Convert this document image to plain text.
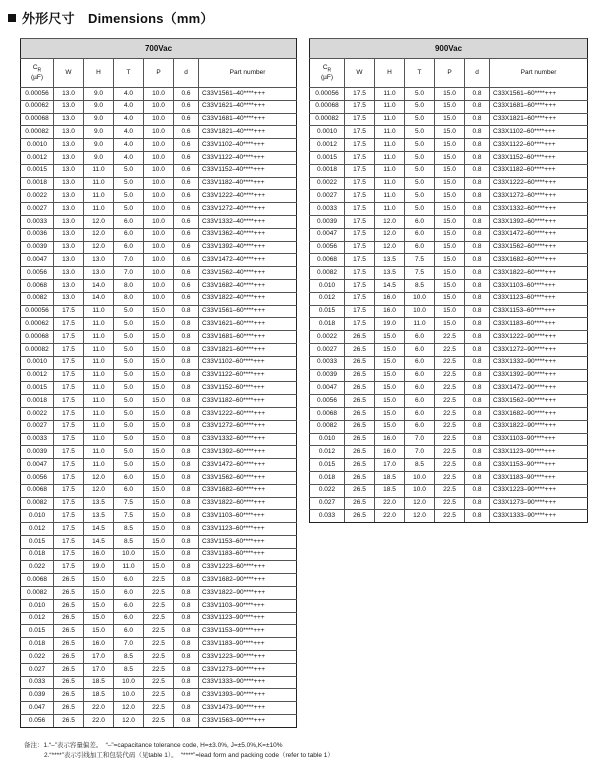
外形尺寸　Dimensions（mm）
700Vac						
$C_R$
(µF)	W	H	T	P	d	Part number
0.00056	13.0	9.0	4.0	10.0	0.6	C33V1561–40****+++
0.00062	13.0	9.0	4.0	10.0	0.6	C33V1621–40****+++
0.00068	13.0	9.0	4.0	10.0	0.6	C33V1681–40****+++
0.00082	13.0	9.0	4.0	10.0	0.6	C33V1821–40****+++
0.0010	13.0	9.0	4.0	10.0	0.6	C33V1102–40****+++
0.0012	13.0	9.0	4.0	10.0	0.6	C33V1122–40****+++
0.0015	13.0	11.0	5.0	10.0	0.6	C33V1152–40****+++
0.0018	13.0	11.0	5.0	10.0	0.6	C33V1182–40****+++
0.0022	13.0	11.0	5.0	10.0	0.6	C33V1222–40****+++
0.0027	13.0	11.0	5.0	10.0	0.6	C33V1272–40****+++
0.0033	13.0	12.0	6.0	10.0	0.6	C33V1332–40****+++
0.0036	13.0	12.0	6.0	10.0	0.6	C33V1362–40****+++
0.0039	13.0	12.0	6.0	10.0	0.6	C33V1392–40****+++
0.0047	13.0	13.0	7.0	10.0	0.6	C33V1472–40****+++
0.0056	13.0	13.0	7.0	10.0	0.6	C33V1562–40****+++
0.0068	13.0	14.0	8.0	10.0	0.6	C33V1682–40****+++
0.0082	13.0	14.0	8.0	10.0	0.6	C33V1822–40****+++
0.00056	17.5	11.0	5.0	15.0	0.8	C33V1561–60****+++
0.00062	17.5	11.0	5.0	15.0	0.8	C33V1621–60****+++
0.00068	17.5	11.0	5.0	15.0	0.8	C33V1681–60****+++
0.00082	17.5	11.0	5.0	15.0	0.8	C33V1821–60****+++
0.0010	17.5	11.0	5.0	15.0	0.8	C33V1102–60****+++
0.0012	17.5	11.0	5.0	15.0	0.8	C33V1122–60****+++
0.0015	17.5	11.0	5.0	15.0	0.8	C33V1152–60****+++
0.0018	17.5	11.0	5.0	15.0	0.8	C33V1182–60****+++
0.0022	17.5	11.0	5.0	15.0	0.8	C33V1222–60****+++
0.0027	17.5	11.0	5.0	15.0	0.8	C33V1272–60****+++
0.0033	17.5	11.0	5.0	15.0	0.8	C33V1332–60****+++
0.0039	17.5	11.0	5.0	15.0	0.8	C33V1392–60****+++
0.0047	17.5	11.0	5.0	15.0	0.8	C33V1472–60****+++
0.0056	17.5	12.0	6.0	15.0	0.8	C33V1562–60****+++
0.0068	17.5	12.0	6.0	15.0	0.8	C33V1682–60****+++
0.0082	17.5	13.5	7.5	15.0	0.8	C33V1822–60****+++
0.010	17.5	13.5	7.5	15.0	0.8	C33V1103–60****+++
0.012	17.5	14.5	8.5	15.0	0.8	C33V1123–60****+++
0.015	17.5	14.5	8.5	15.0	0.8	C33V1153–60****+++
0.018	17.5	16.0	10.0	15.0	0.8	C33V1183–60****+++
0.022	17.5	19.0	11.0	15.0	0.8	C33V1223–60****+++
0.0068	26.5	15.0	6.0	22.5	0.8	C33V1682–90****+++
0.0082	26.5	15.0	6.0	22.5	0.8	C33V1822–90****+++
0.010	26.5	15.0	6.0	22.5	0.8	C33V1103–90****+++
0.012	26.5	15.0	6.0	22.5	0.8	C33V1123–90****+++
0.015	26.5	15.0	6.0	22.5	0.8	C33V1153–90****+++
0.018	26.5	16.0	7.0	22.5	0.8	C33V1183–90****+++
0.022	26.5	17.0	8.5	22.5	0.8	C33V1223–90****+++
0.027	26.5	17.0	8.5	22.5	0.8	C33V1273–90****+++
0.033	26.5	18.5	10.0	22.5	0.8	C33V1333–90****+++
0.039	26.5	18.5	10.0	22.5	0.8	C33V1393–90****+++
0.047	26.5	22.0	12.0	22.5	0.8	C33V1473–90****+++
0.056	26.5	22.0	12.0	22.5	0.8	C33V1563–90****+++
900Vac						
$C_R$
(µF)	W	H	T	P	d	Part number
0.00056	17.5	11.0	5.0	15.0	0.8	C33X1561–60****+++
0.00068	17.5	11.0	5.0	15.0	0.8	C33X1681–60****+++
0.00082	17.5	11.0	5.0	15.0	0.8	C33X1821–60****+++
0.0010	17.5	11.0	5.0	15.0	0.8	C33X1102–60****+++
0.0012	17.5	11.0	5.0	15.0	0.8	C33X1122–60****+++
0.0015	17.5	11.0	5.0	15.0	0.8	C33X1152–60****+++
0.0018	17.5	11.0	5.0	15.0	0.8	C33X1182–60****+++
0.0022	17.5	11.0	5.0	15.0	0.8	C33X1222–60****+++
0.0027	17.5	11.0	5.0	15.0	0.8	C33X1272–60****+++
0.0033	17.5	11.0	5.0	15.0	0.8	C33X1332–60****+++
0.0039	17.5	12.0	6.0	15.0	0.8	C33X1392–60****+++
0.0047	17.5	12.0	6.0	15.0	0.8	C33X1472–60****+++
0.0056	17.5	12.0	6.0	15.0	0.8	C33X1562–60****+++
0.0068	17.5	13.5	7.5	15.0	0.8	C33X1682–60****+++
0.0082	17.5	13.5	7.5	15.0	0.8	C33X1822–60****+++
0.010	17.5	14.5	8.5	15.0	0.8	C33X1103–60****+++
0.012	17.5	16.0	10.0	15.0	0.8	C33X1123–60****+++
0.015	17.5	16.0	10.0	15.0	0.8	C33X1153–60****+++
0.018	17.5	19.0	11.0	15.0	0.8	C33X1183–60****+++
0.0022	26.5	15.0	6.0	22.5	0.8	C33X1222–90****+++
0.0027	26.5	15.0	6.0	22.5	0.8	C33X1272–90****+++
0.0033	26.5	15.0	6.0	22.5	0.8	C33X1332–90****+++
0.0039	26.5	15.0	6.0	22.5	0.8	C33X1392–90****+++
0.0047	26.5	15.0	6.0	22.5	0.8	C33X1472–90****+++
0.0056	26.5	15.0	6.0	22.5	0.8	C33X1562–90****+++
0.0068	26.5	15.0	6.0	22.5	0.8	C33X1682–90****+++
0.0082	26.5	15.0	6.0	22.5	0.8	C33X1822–90****+++
0.010	26.5	16.0	7.0	22.5	0.8	C33X1103–90****+++
0.012	26.5	16.0	7.0	22.5	0.8	C33X1123–90****+++
0.015	26.5	17.0	8.5	22.5	0.8	C33X1153–90****+++
0.018	26.5	18.5	10.0	22.5	0.8	C33X1183–90****+++
0.022	26.5	18.5	10.0	22.5	0.8	C33X1223–90****+++
0.027	26.5	22.0	12.0	22.5	0.8	C33X1273–90****+++
0.033	26.5	22.0	12.0	22.5	0.8	C33X1333–90****+++
备注：1.“–”表示容量偏差。　“–”=capacitance tolerance code, H=±3.0%, J=±5.0%,K=±10%
2.“****”表示引线加工和包装代码（见table 1）。　“****”=lead form and packing code（refer to table 1）
